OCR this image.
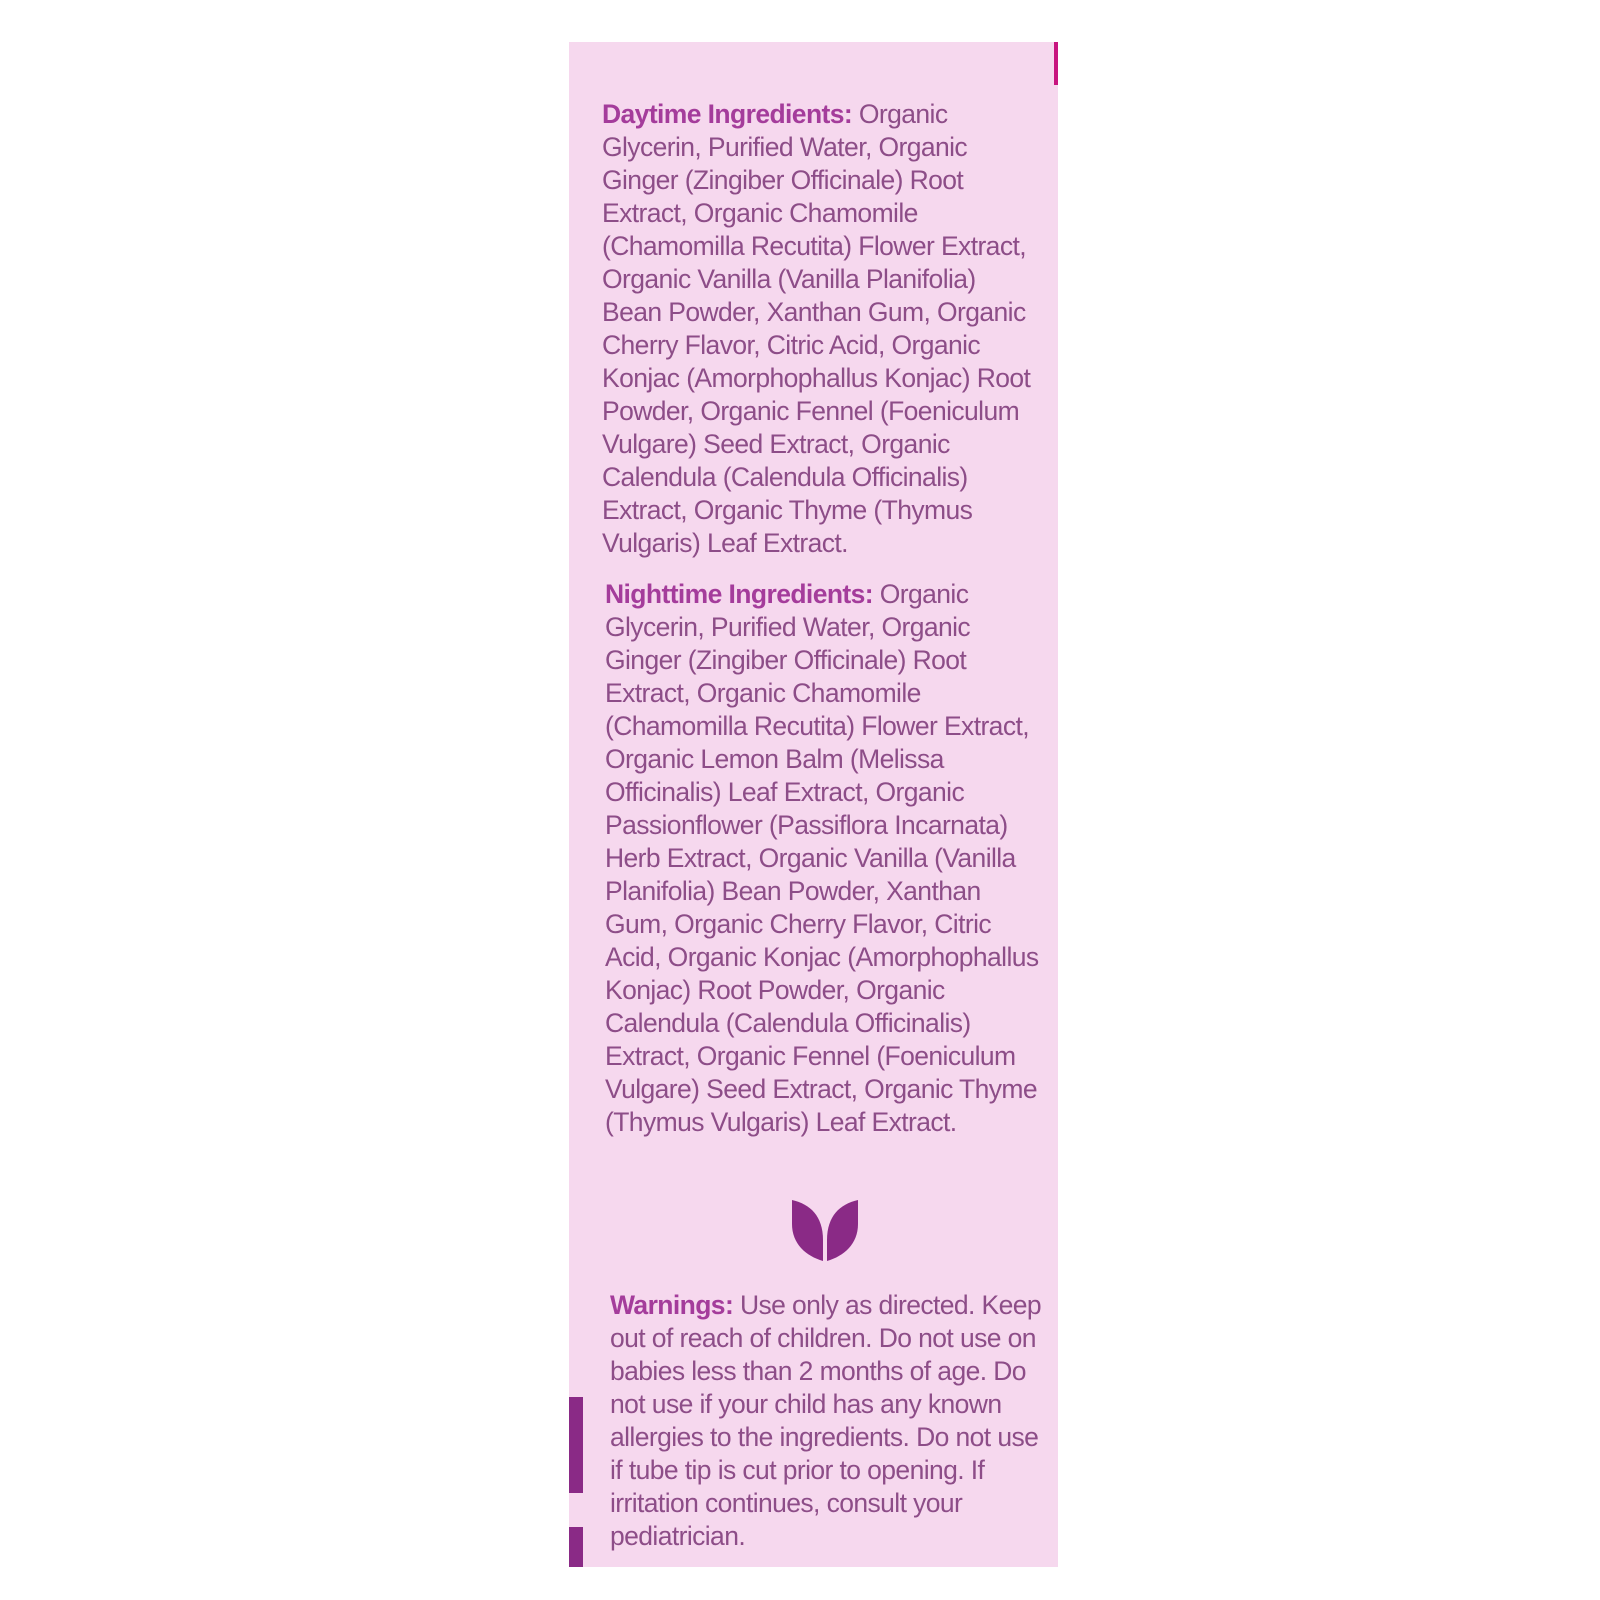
Daytime Ingredients: Organic Glycerin, Purified Water, Organic Ginger (Zingiber Officinale) Root Extract, Organic Chamomile (Chamomilla Recutita) Flower Extract, Organic Vanilla (Vanilla Planifolia) Bean Powder, Xanthan Gum, Organic Cherry Flavor, Citric Acid, Organic Konjac (Amorphophallus Konjac) Root Powder, Organic Fennel (Foeniculum Vulgare) Seed Extract, Organic Calendula (Calendula Officinalis) Extract, Organic Thyme (Thymus Vulgaris) Leaf Extract.
Nighttime Ingredients: Organic Glycerin, Purified Water, Organic Ginger (Zingiber Officinale) Root Extract, Organic Chamomile (Chamomilla Recutita) Flower Extract, Organic Lemon Balm (Melissa Officinalis) Leaf Extract, Organic Passionflower (Passiflora Incarnata) Herb Extract, Organic Vanilla (Vanilla Planifolia) Bean Powder, Xanthan Gum, Organic Cherry Flavor, Citric Acid, Organic Konjac (Amorphophallus Konjac) Root Powder, Organic Calendula (Calendula Officinalis) Extract, Organic Fennel (Foeniculum Vulgare) Seed Extract, Organic Thyme (Thymus Vulgaris) Leaf Extract.
Warnings: Use only as directed. Keep out of reach of children. Do not use on babies less than 2 months of age. Do not use if your child has any known allergies to the ingredients. Do not use if tube tip is cut prior to opening. If irritation continues, consult your pediatrician.
